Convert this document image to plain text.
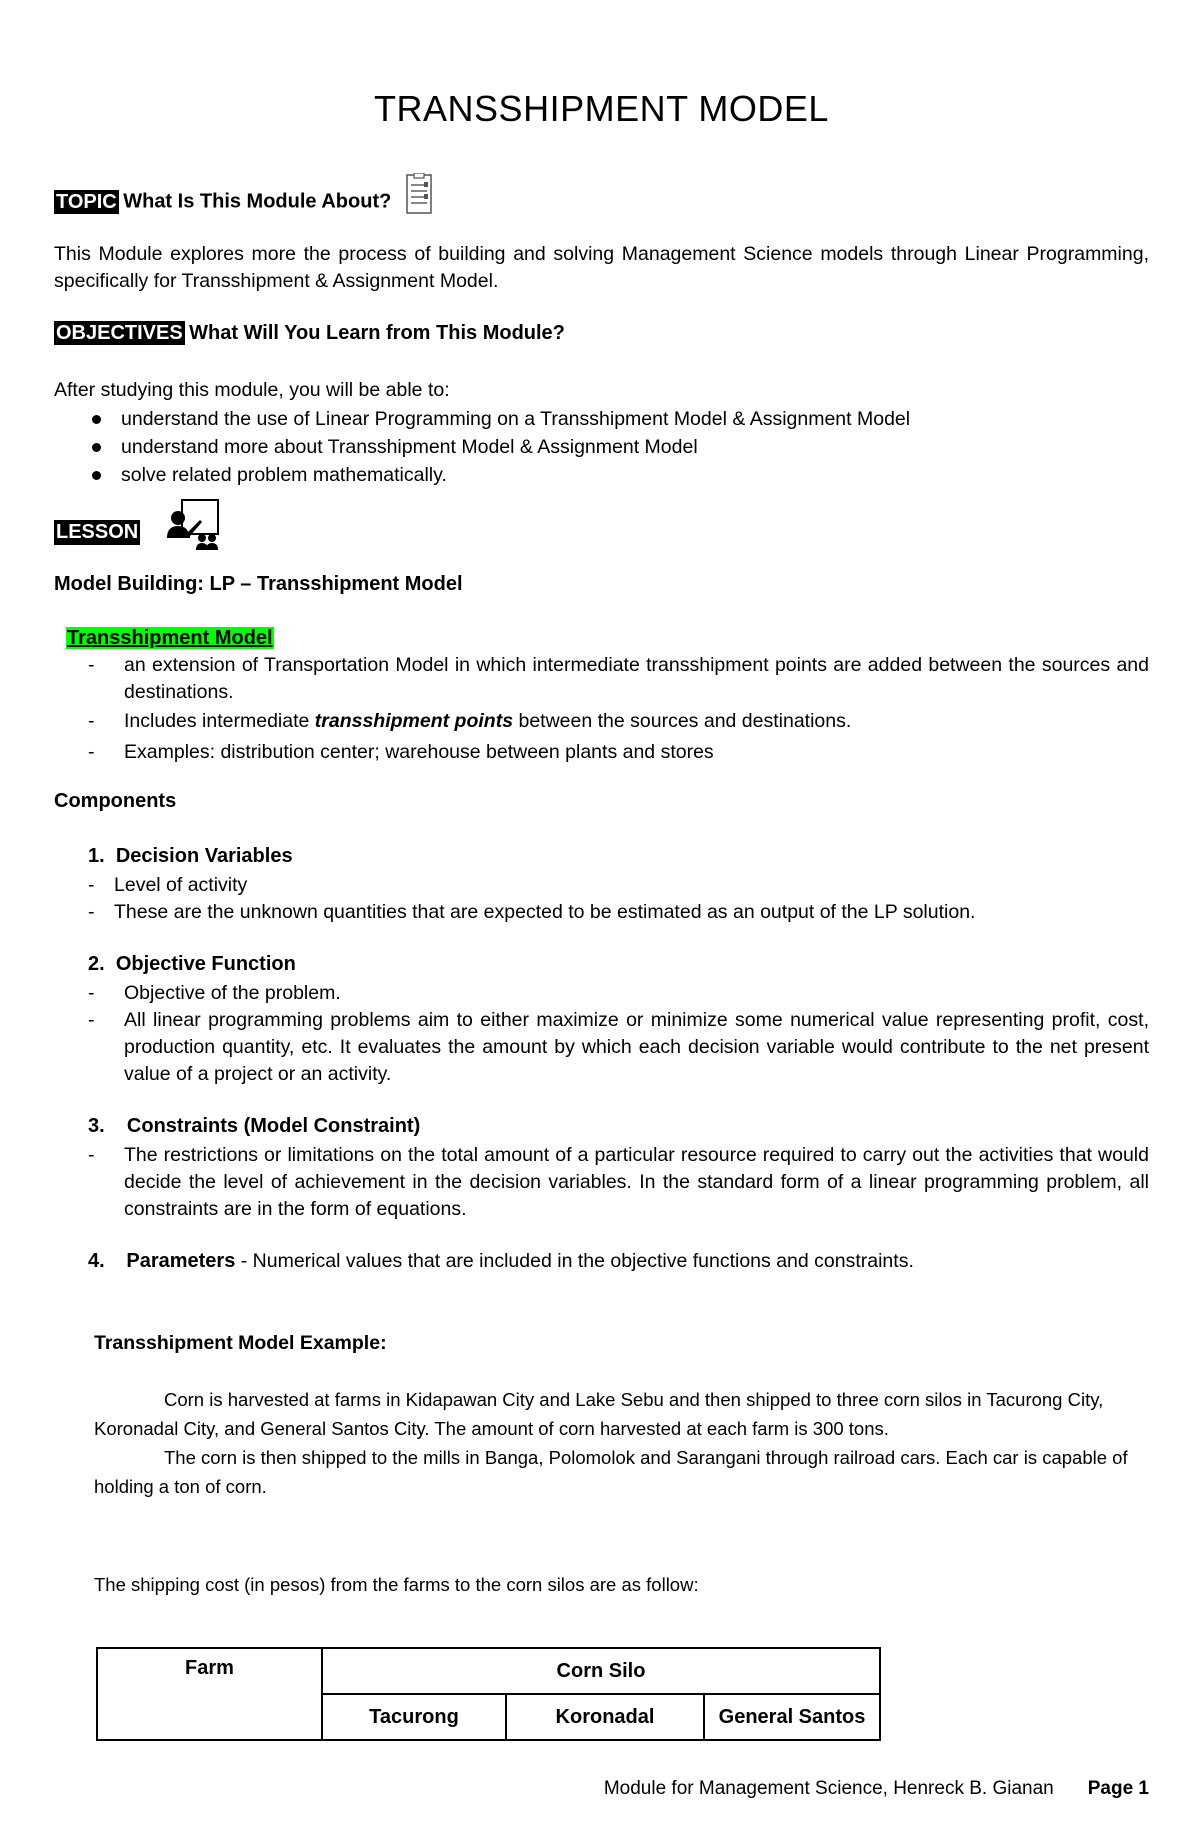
TRANSSHIPMENT MODEL
TOPIC What Is This Module About?
This Module explores more the process of building and solving Management Science models through Linear Programming, specifically for Transshipment & Assignment Model.
OBJECTIVES What Will You Learn from This Module?
After studying this module, you will be able to:
understand the use of Linear Programming on a Transshipment Model & Assignment Model
understand more about Transshipment Model & Assignment Model
solve related problem mathematically.
LESSON
Model Building: LP – Transshipment Model
Transshipment Model
-	an extension of Transportation Model in which intermediate transshipment points are added between the sources and destinations.
-	Includes intermediate transshipment points between the sources and destinations.
-	Examples: distribution center; warehouse between plants and stores
Components
1. Decision Variables
-	Level of activity
-	These are the unknown quantities that are expected to be estimated as an output of the LP solution.
2. Objective Function
-	Objective of the problem.
-	All linear programming problems aim to either maximize or minimize some numerical value representing profit, cost, production quantity, etc. It evaluates the amount by which each decision variable would contribute to the net present value of a project or an activity.
3. Constraints (Model Constraint)
-	The restrictions or limitations on the total amount of a particular resource required to carry out the activities that would decide the level of achievement in the decision variables. In the standard form of a linear programming problem, all constraints are in the form of equations.
4. Parameters - Numerical values that are included in the objective functions and constraints.
Transshipment Model Example:
Corn is harvested at farms in Kidapawan City and Lake Sebu and then shipped to three corn silos in Tacurong City, Koronadal City, and General Santos City. The amount of corn harvested at each farm is 300 tons.
The corn is then shipped to the mills in Banga, Polomolok and Sarangani through railroad cars. Each car is capable of holding a ton of corn.
The shipping cost (in pesos) from the farms to the corn silos are as follow:
Farm	Corn Silo		
	Tacurong	Koronadal	General Santos
Module for Management Science, Henreck B. Gianan Page 1
